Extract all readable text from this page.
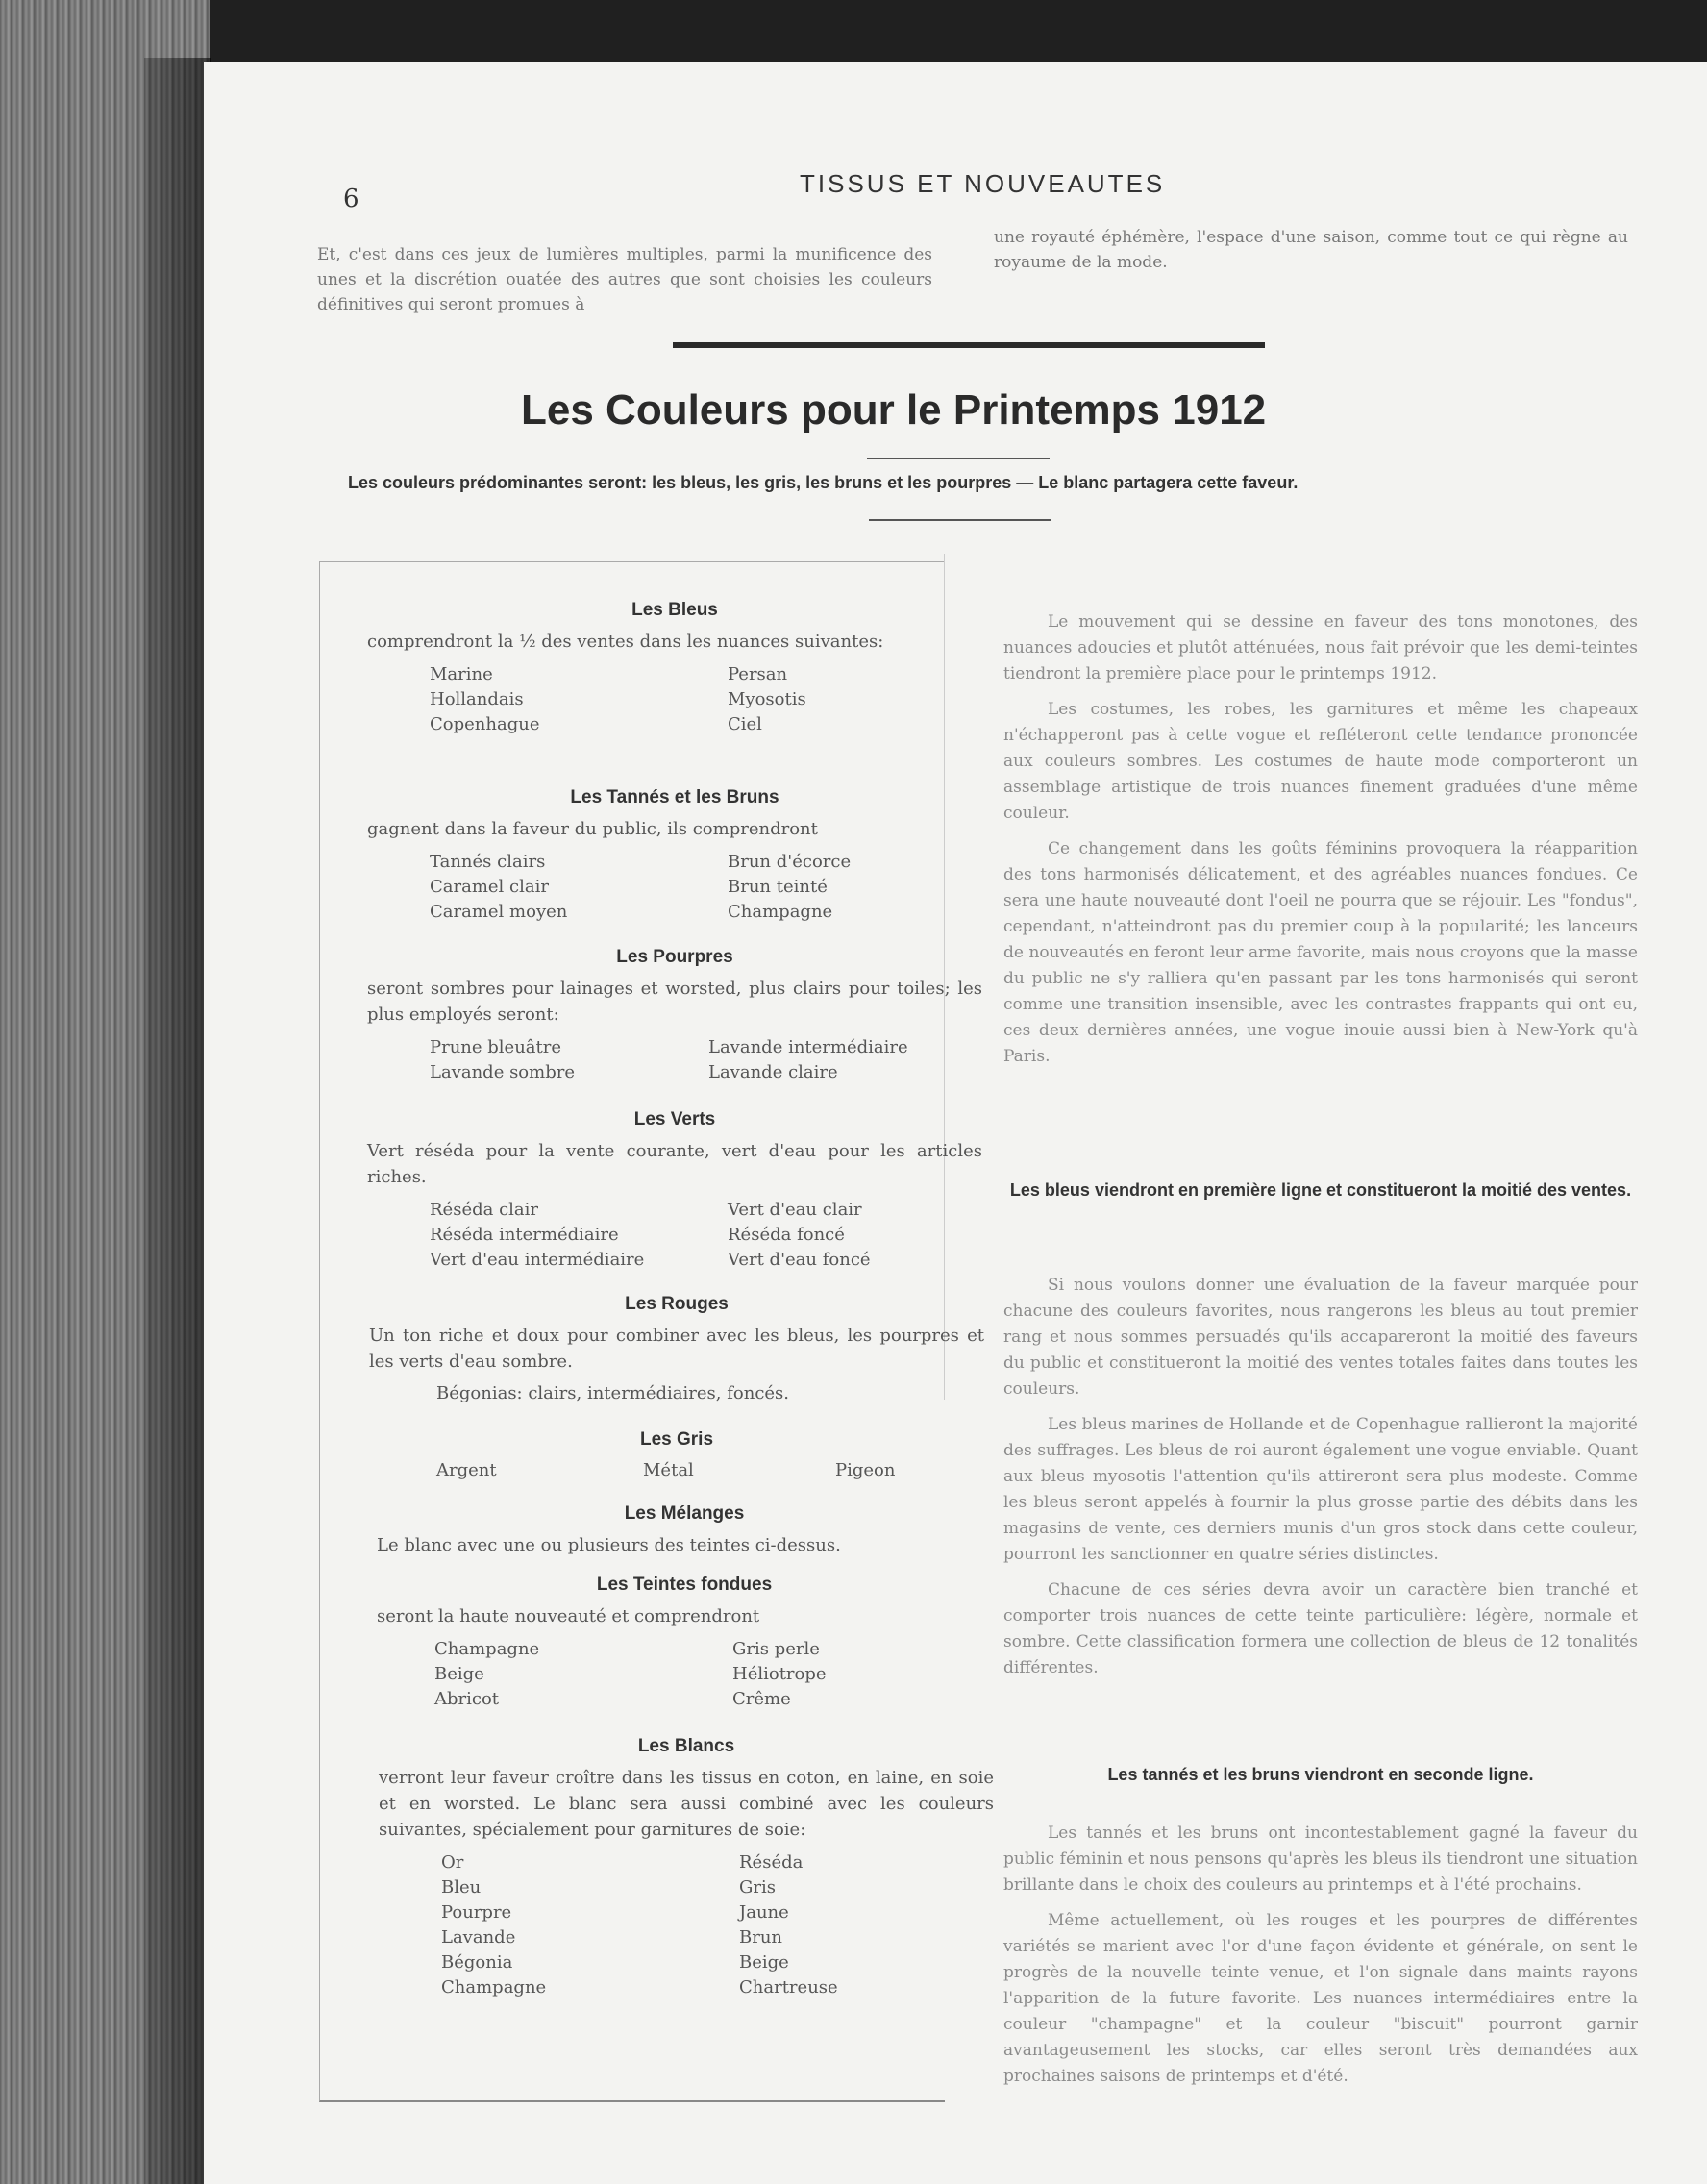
6
TISSUS ET NOUVEAUTES
Et, c'est dans ces jeux de lumières multiples, parmi la munificence des unes et la discrétion ouatée des autres que sont choisies les couleurs définitives qui seront promues à
une royauté éphémère, l'espace d'une saison, comme tout ce qui règne au royaume de la mode.
Les Couleurs pour le Printemps 1912
Les couleurs prédominantes seront: les bleus, les gris, les bruns et les pourpres — Le blanc partagera cette faveur.
Les Bleus

comprendront la ½ des ventes dans les nuances suivantes:

Marine
Hollandais
Copenhague
Persan
Myosotis
Ciel
Les Tannés et les Bruns

gagnent dans la faveur du public, ils comprendront

Tannés clairs
Caramel clair
Caramel moyen
Brun d'écorce
Brun teinté
Champagne
Les Pourpres

seront sombres pour lainages et worsted, plus clairs pour toiles; les plus employés seront:

Prune bleuâtre
Lavande sombre
Lavande intermédiaire
Lavande claire
Les Verts

Vert réséda pour la vente courante, vert d'eau pour les articles riches.

Réséda clair
Réséda intermédiaire
Vert d'eau intermédiaire
Vert d'eau clair
Réséda foncé
Vert d'eau foncé
Les Rouges

Un ton riche et doux pour combiner avec les bleus, les pourpres et les verts d'eau sombre.

Bégonias: clairs, intermédiaires, foncés.
Les Gris
Argent	Métal	Pigeon
Les Mélanges

Le blanc avec une ou plusieurs des teintes ci-dessus.

Les Teintes fondues

seront la haute nouveauté et comprendront

Champagne
Beige
Abricot
Gris perle
Héliotrope
Crême
Les Blancs

verront leur faveur croître dans les tissus en coton, en laine, en soie et en worsted. Le blanc sera aussi combiné avec les couleurs suivantes, spécialement pour garnitures de soie:

Or
Bleu
Pourpre
Lavande
Bégonia
Champagne
Réséda
Gris
Jaune
Brun
Beige
Chartreuse

Le mouvement qui se dessine en faveur des tons monotones, des nuances adoucies et plutôt atténuées, nous fait prévoir que les demi-teintes tiendront la première place pour le printemps 1912.

Les costumes, les robes, les garnitures et même les chapeaux n'échapperont pas à cette vogue et refléteront cette tendance prononcée aux couleurs sombres. Les costumes de haute mode comporteront un assemblage artistique de trois nuances finement graduées d'une même couleur.

Ce changement dans les goûts féminins provoquera la réapparition des tons harmonisés délicatement, et des agréables nuances fondues. Ce sera une haute nouveauté dont l'oeil ne pourra que se réjouir. Les "fondus", cependant, n'atteindront pas du premier coup à la popularité; les lanceurs de nouveautés en feront leur arme favorite, mais nous croyons que la masse du public ne s'y ralliera qu'en passant par les tons harmonisés qui seront comme une transition insensible, avec les contrastes frappants qui ont eu, ces deux dernières années, une vogue inouie aussi bien à New-York qu'à Paris.

Les bleus viendront en première ligne et constitueront la moitié des ventes.

Si nous voulons donner une évaluation de la faveur marquée pour chacune des couleurs favorites, nous rangerons les bleus au tout premier rang et nous sommes persuadés qu'ils accapareront la moitié des faveurs du public et constitueront la moitié des ventes totales faites dans toutes les couleurs.

Les bleus marines de Hollande et de Copenhague rallieront la majorité des suffrages. Les bleus de roi auront également une vogue enviable. Quant aux bleus myosotis l'attention qu'ils attireront sera plus modeste. Comme les bleus seront appelés à fournir la plus grosse partie des débits dans les magasins de vente, ces derniers munis d'un gros stock dans cette couleur, pourront les sanctionner en quatre séries distinctes.

Chacune de ces séries devra avoir un caractère bien tranché et comporter trois nuances de cette teinte particulière: légère, normale et sombre. Cette classification formera une collection de bleus de 12 tonalités différentes.

Les tannés et les bruns viendront en seconde ligne.

Les tannés et les bruns ont incontestablement gagné la faveur du public féminin et nous pensons qu'après les bleus ils tiendront une situation brillante dans le choix des couleurs au printemps et à l'été prochains.

Même actuellement, où les rouges et les pourpres de différentes variétés se marient avec l'or d'une façon évidente et générale, on sent le progrès de la nouvelle teinte venue, et l'on signale dans maints rayons l'apparition de la future favorite. Les nuances intermédiaires entre la couleur "champagne" et la couleur "biscuit" pourront garnir avantageusement les stocks, car elles seront très demandées aux prochaines saisons de printemps et d'été.
